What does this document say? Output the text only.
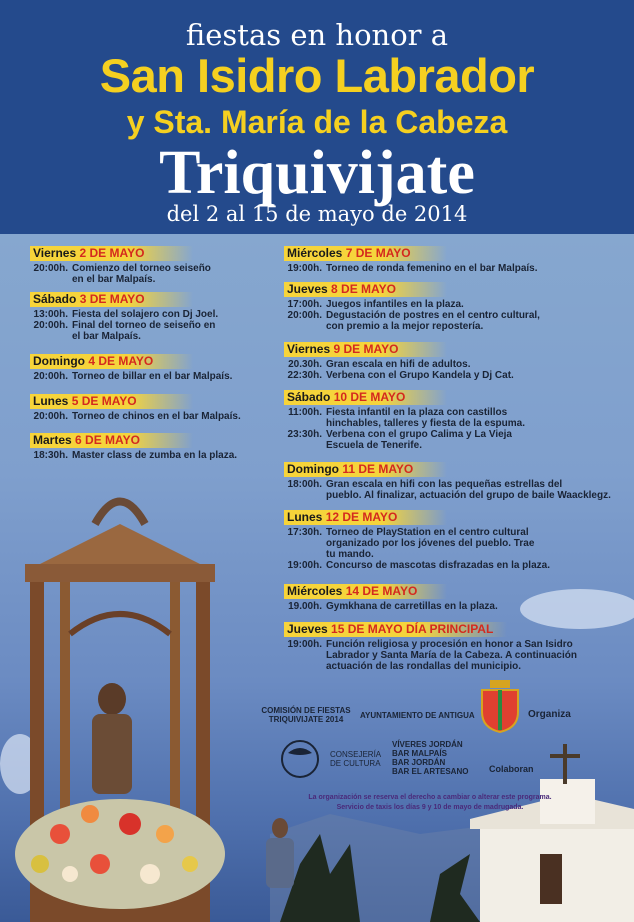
fiestas en honor a
San Isidro Labrador
y Sta. María de la Cabeza
Triquivijate
del 2 al 15 de mayo de 2014
Viernes 2 DE MAYO
20:00h. Comienzo del torneo seiseño
en el bar Malpaís.
Sábado 3 DE MAYO
13:00h. Fiesta del solajero con Dj Joel.
20:00h. Final del torneo de seiseño en
el bar Malpaís.
Domingo 4 DE MAYO
20:00h. Torneo de billar en el bar Malpaís.
Lunes 5 DE MAYO
20:00h. Torneo de chinos en el bar Malpaís.
Martes 6 DE MAYO
18:30h. Master class de zumba en la plaza.
Miércoles 7 DE MAYO
19:00h. Torneo de ronda femenino en el bar Malpaís.
Jueves 8 DE MAYO
17:00h. Juegos infantiles en la plaza.
20:00h. Degustación de postres en el centro cultural,
con premio a la mejor repostería.
Viernes 9 DE MAYO
20.30h. Gran escala en hifi de adultos.
22:30h. Verbena con el Grupo Kandela y Dj Cat.
Sábado 10 DE MAYO
11:00h. Fiesta infantil en la plaza con castillos
hinchables, talleres y fiesta de la espuma.
23:30h. Verbena con el grupo Calima y La Vieja
Escuela de Tenerife.
Domingo 11 DE MAYO
18:00h. Gran escala en hifi con las pequeñas estrellas del
pueblo. Al finalizar, actuación del grupo de baile Waacklegz.
Lunes 12 DE MAYO
17:30h. Torneo de PlayStation en el centro cultural
organizado por los jóvenes del pueblo. Trae
tu mando.
19:00h. Concurso de mascotas disfrazadas en la plaza.
Miércoles 14 DE MAYO
19.00h. Gymkhana de carretillas en la plaza.
Jueves 15 DE MAYO DÍA PRINCIPAL
19:00h. Función religiosa y procesión en honor a San Isidro
Labrador y Santa María de la Cabeza. A continuación
actuación de las rondallas del municipio.
COMISIÓN DE FIESTAS
TRIQUIVIJATE 2014	AYUNTAMIENTO DE ANTIGUA	Organiza
CONSEJERÍA
DE CULTURA
VÍVERES JORDÁN
BAR MALPAÍS
BAR JORDÁN
BAR EL ARTESANO Colaboran
La organización se reserva el derecho a cambiar o alterar este programa.
Servicio de taxis los días 9 y 10 de mayo de madrugada.
